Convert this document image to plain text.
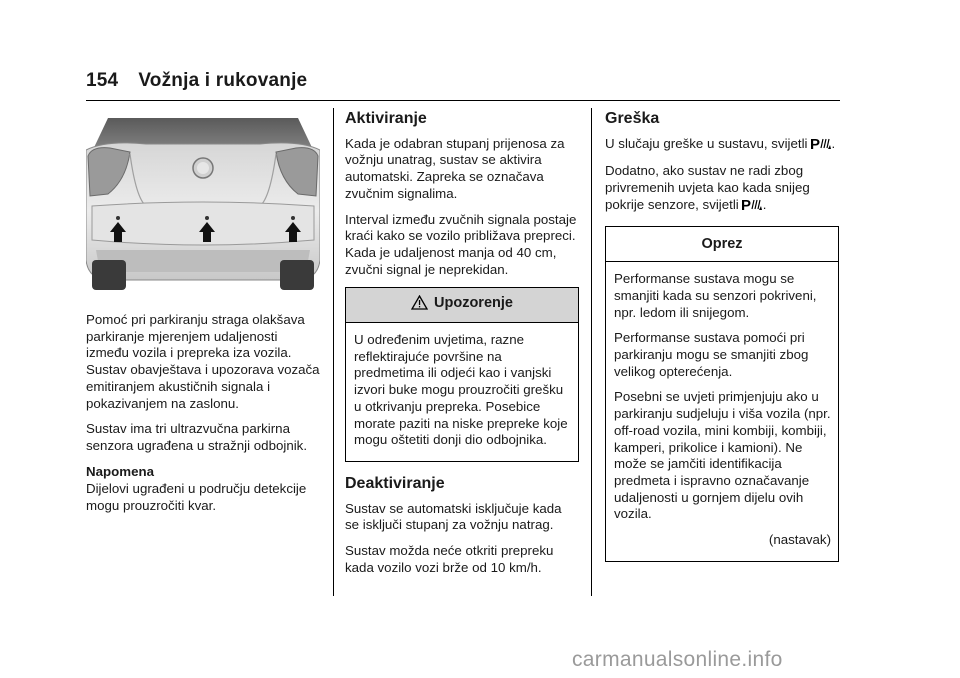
154 Vožnja i rukovanje

Pomoć pri parkiranju straga olakšava parkiranje mjerenjem udaljenosti između vozila i prepreka iza vozila. Sustav obavještava i upozorava vozača emitiranjem akustičnih signala i pokazivanjem na zaslonu.

Sustav ima tri ultrazvučna parkirna senzora ugrađena u stražnji odbojnik.

Napomena

Dijelovi ugrađeni u području detekcije mogu prouzročiti kvar.

Aktiviranje

Kada je odabran stupanj prijenosa za vožnju unatrag, sustav se aktivira automatski. Zapreka se označava zvučnim signalima.

Interval između zvučnih signala postaje kraći kako se vozilo približava prepreci. Kada je udaljenost manja od 40 cm, zvučni signal je neprekidan.

Upozorenje

U određenim uvjetima, razne reflektirajuće površine na predmetima ili odjeći kao i vanjski izvori buke mogu prouzročiti grešku u otkrivanju prepreka. Posebice morate paziti na niske prepreke koje mogu oštetiti donji dio odbojnika.

Deaktiviranje

Sustav se automatski isključuje kada se isključi stupanj za vožnju natrag.

Sustav možda neće otkriti prepreku kada vozilo vozi brže od 10 km/h.

Greška

U slučaju greške u sustavu, svijetli P .

Dodatno, ako sustav ne radi zbog privremenih uvjeta kao kada snijeg pokrije senzore, svijetli P .

Oprez

Performanse sustava mogu se smanjiti kada su senzori pokriveni, npr. ledom ili snijegom.

Performanse sustava pomoći pri parkiranju mogu se smanjiti zbog velikog opterećenja.

Posebni se uvjeti primjenjuju ako u parkiranju sudjeluju i viša vozila (npr. off-road vozila, mini kombiji, kombiji, kamperi, prikolice i kamioni). Ne može se jamčiti identifikacija predmeta i ispravno označavanje udaljenosti u gornjem dijelu ovih vozila.

(nastavak)

carmanualsonline.info
